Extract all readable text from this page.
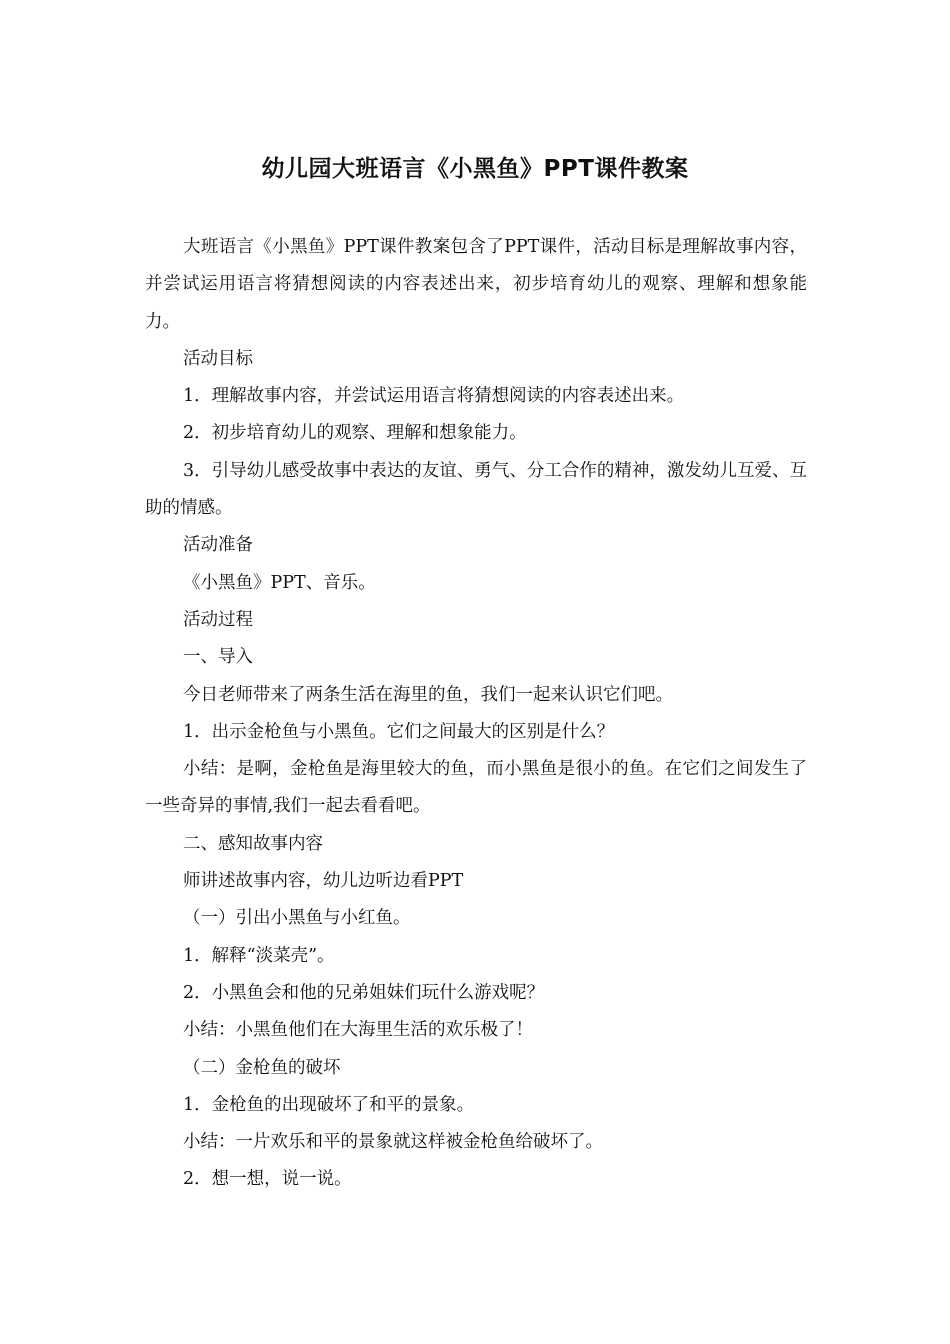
幼儿园大班语言《小黑鱼》PPT课件教案

大班语言《小黑鱼》PPT课件教案包含了PPT课件，活动目标是理解故事内容，并尝试运用语言将猜想阅读的内容表述出来，初步培育幼儿的观察、理解和想象能力。

活动目标

1．理解故事内容，并尝试运用语言将猜想阅读的内容表述出来。

2．初步培育幼儿的观察、理解和想象能力。

3．引导幼儿感受故事中表达的友谊、勇气、分工合作的精神，激发幼儿互爱、互助的情感。

活动准备

《小黑鱼》PPT、音乐。

活动过程

一、导入

今日老师带来了两条生活在海里的鱼，我们一起来认识它们吧。

1．出示金枪鱼与小黑鱼。它们之间最大的区别是什么？

小结：是啊，金枪鱼是海里较大的鱼，而小黑鱼是很小的鱼。在它们之间发生了一些奇异的事情,我们一起去看看吧。

二、感知故事内容

师讲述故事内容，幼儿边听边看PPT

（一）引出小黑鱼与小红鱼。

1．解释“淡菜壳”。

2．小黑鱼会和他的兄弟姐妹们玩什么游戏呢？

小结：小黑鱼他们在大海里生活的欢乐极了！

（二）金枪鱼的破坏

1．金枪鱼的出现破坏了和平的景象。

小结：一片欢乐和平的景象就这样被金枪鱼给破坏了。

2．想一想，说一说。
